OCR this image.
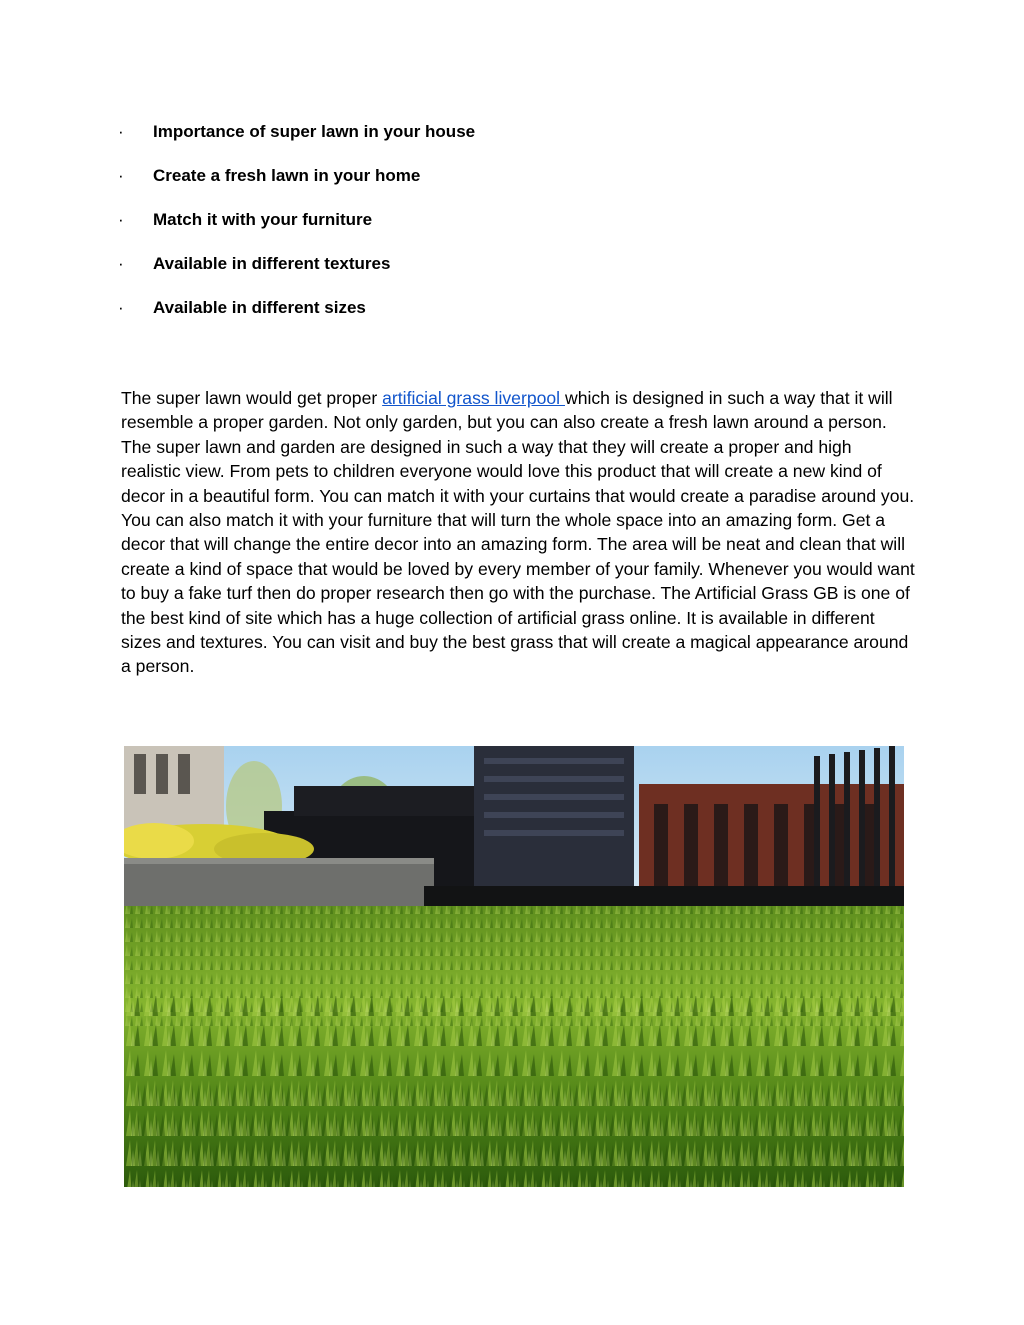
· Importance of super lawn in your house
· Create a fresh lawn in your home
· Match it with your furniture
· Available in different textures
· Available in different sizes

The super lawn would get proper artificial grass liverpool which is designed in such a way that it will resemble a proper garden. Not only garden, but you can also create a fresh lawn around a person. The super lawn and garden are designed in such a way that they will create a proper and high realistic view. From pets to children everyone would love this product that will create a new kind of decor in a beautiful form. You can match it with your curtains that would create a paradise around you. You can also match it with your furniture that will turn the whole space into an amazing form. Get a decor that will change the entire decor into an amazing form. The area will be neat and clean that will create a kind of space that would be loved by every member of your family. Whenever you would want to buy a fake turf then do proper research then go with the purchase. The Artificial Grass GB is one of the best kind of site which has a huge collection of artificial grass online. It is available in different sizes and textures. You can visit and buy the best grass that will create a magical appearance around a person.
